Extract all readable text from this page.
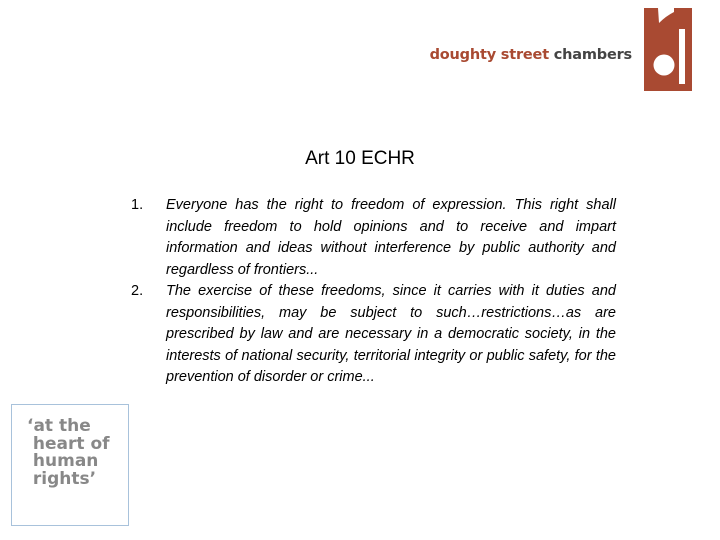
doughty street chambers
Art 10 ECHR
1.	Everyone has the right to freedom of expression. This right shall include freedom to hold opinions and to receive and impart information and ideas without interference by public authority and regardless of frontiers...
2.	The exercise of these freedoms, since it carries with it duties and responsibilities, may be subject to such…restrictions…as are prescribed by law and are necessary in a democratic society, in the interests of national security, territorial integrity or public safety, for the prevention of disorder or crime...
‘at the
heart of
human
rights’
